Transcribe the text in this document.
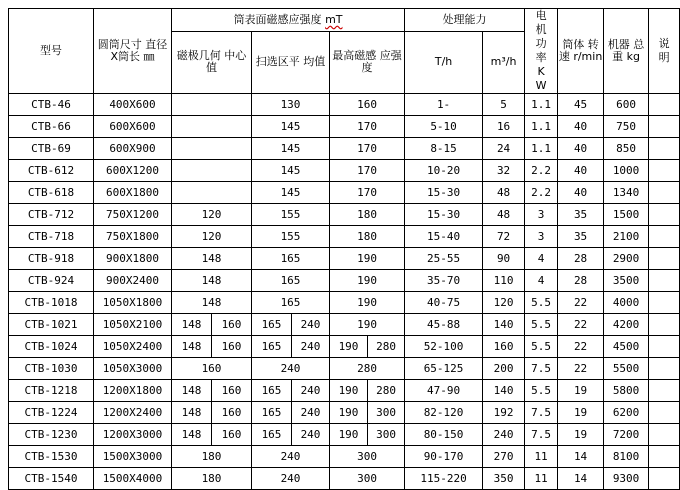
型号	圆筒尺寸 直径X筒长 ㎜	筒表面磁感应强度 mT						处理能力		电机功率KW	筒体 转速 r/min	机器 总重 kg	说明
		磁极几何 中心值		扫选区平 均值		最高磁感 应强度		T/h	m³/h				
CTB-46	400X600			130		160		1-	5	1.1	45	600	
CTB-66	600X600			145		170		5-10	16	1.1	40	750	
CTB-69	600X900			145		170		8-15	24	1.1	40	850	
CTB-612	600X1200			145		170		10-20	32	2.2	40	1000	
CTB-618	600X1800			145		170		15-30	48	2.2	40	1340	
CTB-712	750X1200	120		155		180		15-30	48	3	35	1500	
CTB-718	750X1800	120		155		180		15-40	72	3	35	2100	
CTB-918	900X1800	148		165		190		25-55	90	4	28	2900	
CTB-924	900X2400	148		165		190		35-70	110	4	28	3500	
CTB-1018	1050X1800	148		165		190		40-75	120	5.5	22	4000	
CTB-1021	1050X2100	148	160	165	240	190		45-88	140	5.5	22	4200	
CTB-1024	1050X2400	148	160	165	240	190	280	52-100	160	5.5	22	4500	
CTB-1030	1050X3000	160		240		280		65-125	200	7.5	22	5500	
CTB-1218	1200X1800	148	160	165	240	190	280	47-90	140	5.5	19	5800	
CTB-1224	1200X2400	148	160	165	240	190	300	82-120	192	7.5	19	6200	
CTB-1230	1200X3000	148	160	165	240	190	300	80-150	240	7.5	19	7200	
CTB-1530	1500X3000	180		240		300		90-170	270	11	14	8100	
CTB-1540	1500X4000	180		240		300		115-220	350	11	14	9300	
